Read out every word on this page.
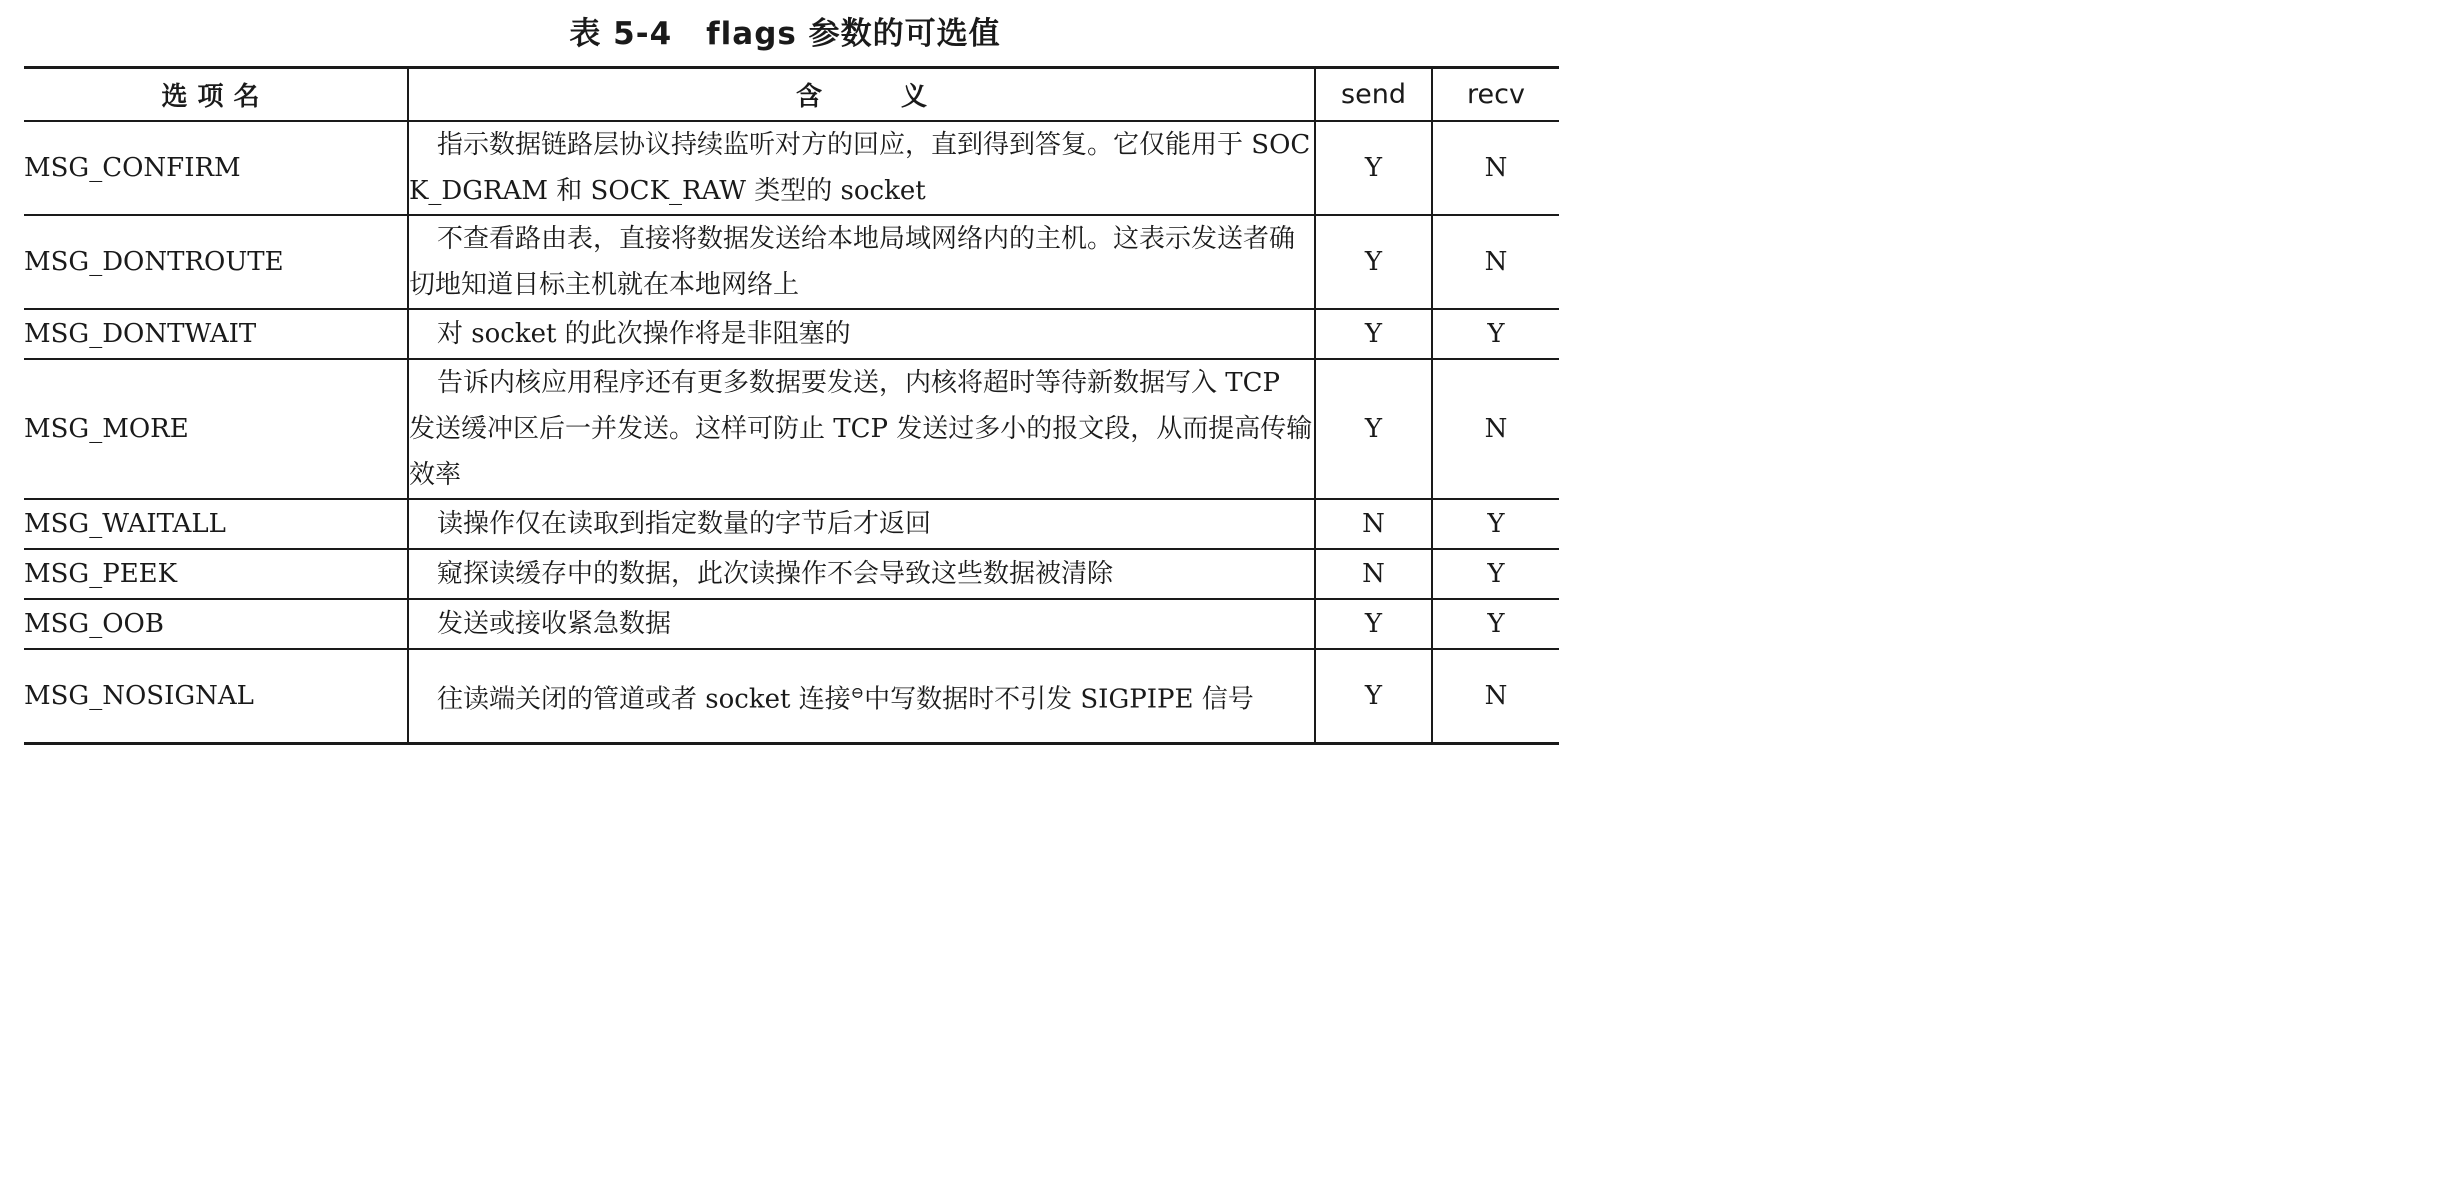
表 5-4 flags 参数的可选值
选项名	含 义	send	recv
MSG_CONFIRM	指示数据链路层协议持续监听对方的回应，直到得到答复。它仅能用于 SOCK_DGRAM 和 SOCK_RAW 类型的 socket	Y	N
MSG_DONTROUTE	不查看路由表，直接将数据发送给本地局域网络内的主机。这表示发送者确切地知道目标主机就在本地网络上	Y	N
MSG_DONTWAIT	对 socket 的此次操作将是非阻塞的	Y	Y
MSG_MORE	告诉内核应用程序还有更多数据要发送，内核将超时等待新数据写入 TCP 发送缓冲区后一并发送。这样可防止 TCP 发送过多小的报文段，从而提高传输效率	Y	N
MSG_WAITALL	读操作仅在读取到指定数量的字节后才返回	N	Y
MSG_PEEK	窥探读缓存中的数据，此次读操作不会导致这些数据被清除	N	Y
MSG_OOB	发送或接收紧急数据	Y	Y
MSG_NOSIGNAL	往读端关闭的管道或者 socket 连接⊖中写数据时不引发 SIGPIPE 信号	Y	N
